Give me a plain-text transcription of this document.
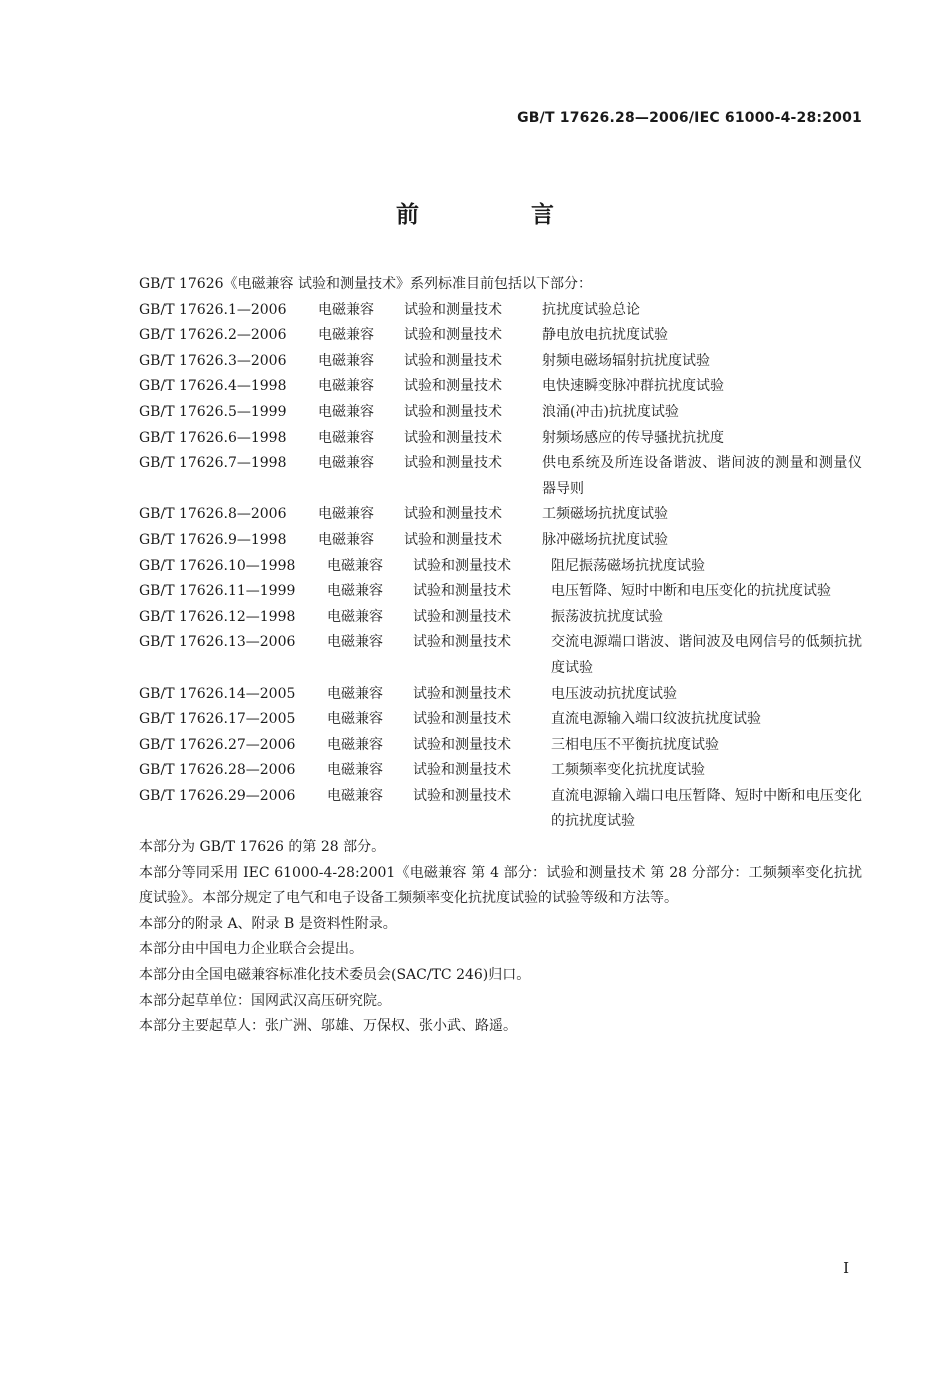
GB/T 17626.28—2006/IEC 61000-4-28:2001
前 言

GB/T 17626《电磁兼容 试验和测量技术》系列标准目前包括以下部分：

GB/T 17626.1—2006	电磁兼容	试验和测量技术	抗扰度试验总论
GB/T 17626.2—2006	电磁兼容	试验和测量技术	静电放电抗扰度试验
GB/T 17626.3—2006	电磁兼容	试验和测量技术	射频电磁场辐射抗扰度试验
GB/T 17626.4—1998	电磁兼容	试验和测量技术	电快速瞬变脉冲群抗扰度试验
GB/T 17626.5—1999	电磁兼容	试验和测量技术	浪涌(冲击)抗扰度试验
GB/T 17626.6—1998	电磁兼容	试验和测量技术	射频场感应的传导骚扰抗扰度
GB/T 17626.7—1998	电磁兼容	试验和测量技术	供电系统及所连设备谐波、谐间波的测量和测量仪器导则
GB/T 17626.8—2006	电磁兼容	试验和测量技术	工频磁场抗扰度试验
GB/T 17626.9—1998	电磁兼容	试验和测量技术	脉冲磁场抗扰度试验
GB/T 17626.10—1998	电磁兼容	试验和测量技术	阻尼振荡磁场抗扰度试验
GB/T 17626.11—1999	电磁兼容	试验和测量技术	电压暂降、短时中断和电压变化的抗扰度试验
GB/T 17626.12—1998	电磁兼容	试验和测量技术	振荡波抗扰度试验
GB/T 17626.13—2006	电磁兼容	试验和测量技术	交流电源端口谐波、谐间波及电网信号的低频抗扰度试验
GB/T 17626.14—2005	电磁兼容	试验和测量技术	电压波动抗扰度试验
GB/T 17626.17—2005	电磁兼容	试验和测量技术	直流电源输入端口纹波抗扰度试验
GB/T 17626.27—2006	电磁兼容	试验和测量技术	三相电压不平衡抗扰度试验
GB/T 17626.28—2006	电磁兼容	试验和测量技术	工频频率变化抗扰度试验
GB/T 17626.29—2006	电磁兼容	试验和测量技术	直流电源输入端口电压暂降、短时中断和电压变化的抗扰度试验

本部分为 GB/T 17626 的第 28 部分。

本部分等同采用 IEC 61000-4-28:2001《电磁兼容 第 4 部分：试验和测量技术 第 28 分部分：工频频率变化抗扰度试验》。本部分规定了电气和电子设备工频频率变化抗扰度试验的试验等级和方法等。

本部分的附录 A、附录 B 是资料性附录。

本部分由中国电力企业联合会提出。

本部分由全国电磁兼容标准化技术委员会(SAC/TC 246)归口。

本部分起草单位：国网武汉高压研究院。

本部分主要起草人：张广洲、邬雄、万保权、张小武、路遥。

I
